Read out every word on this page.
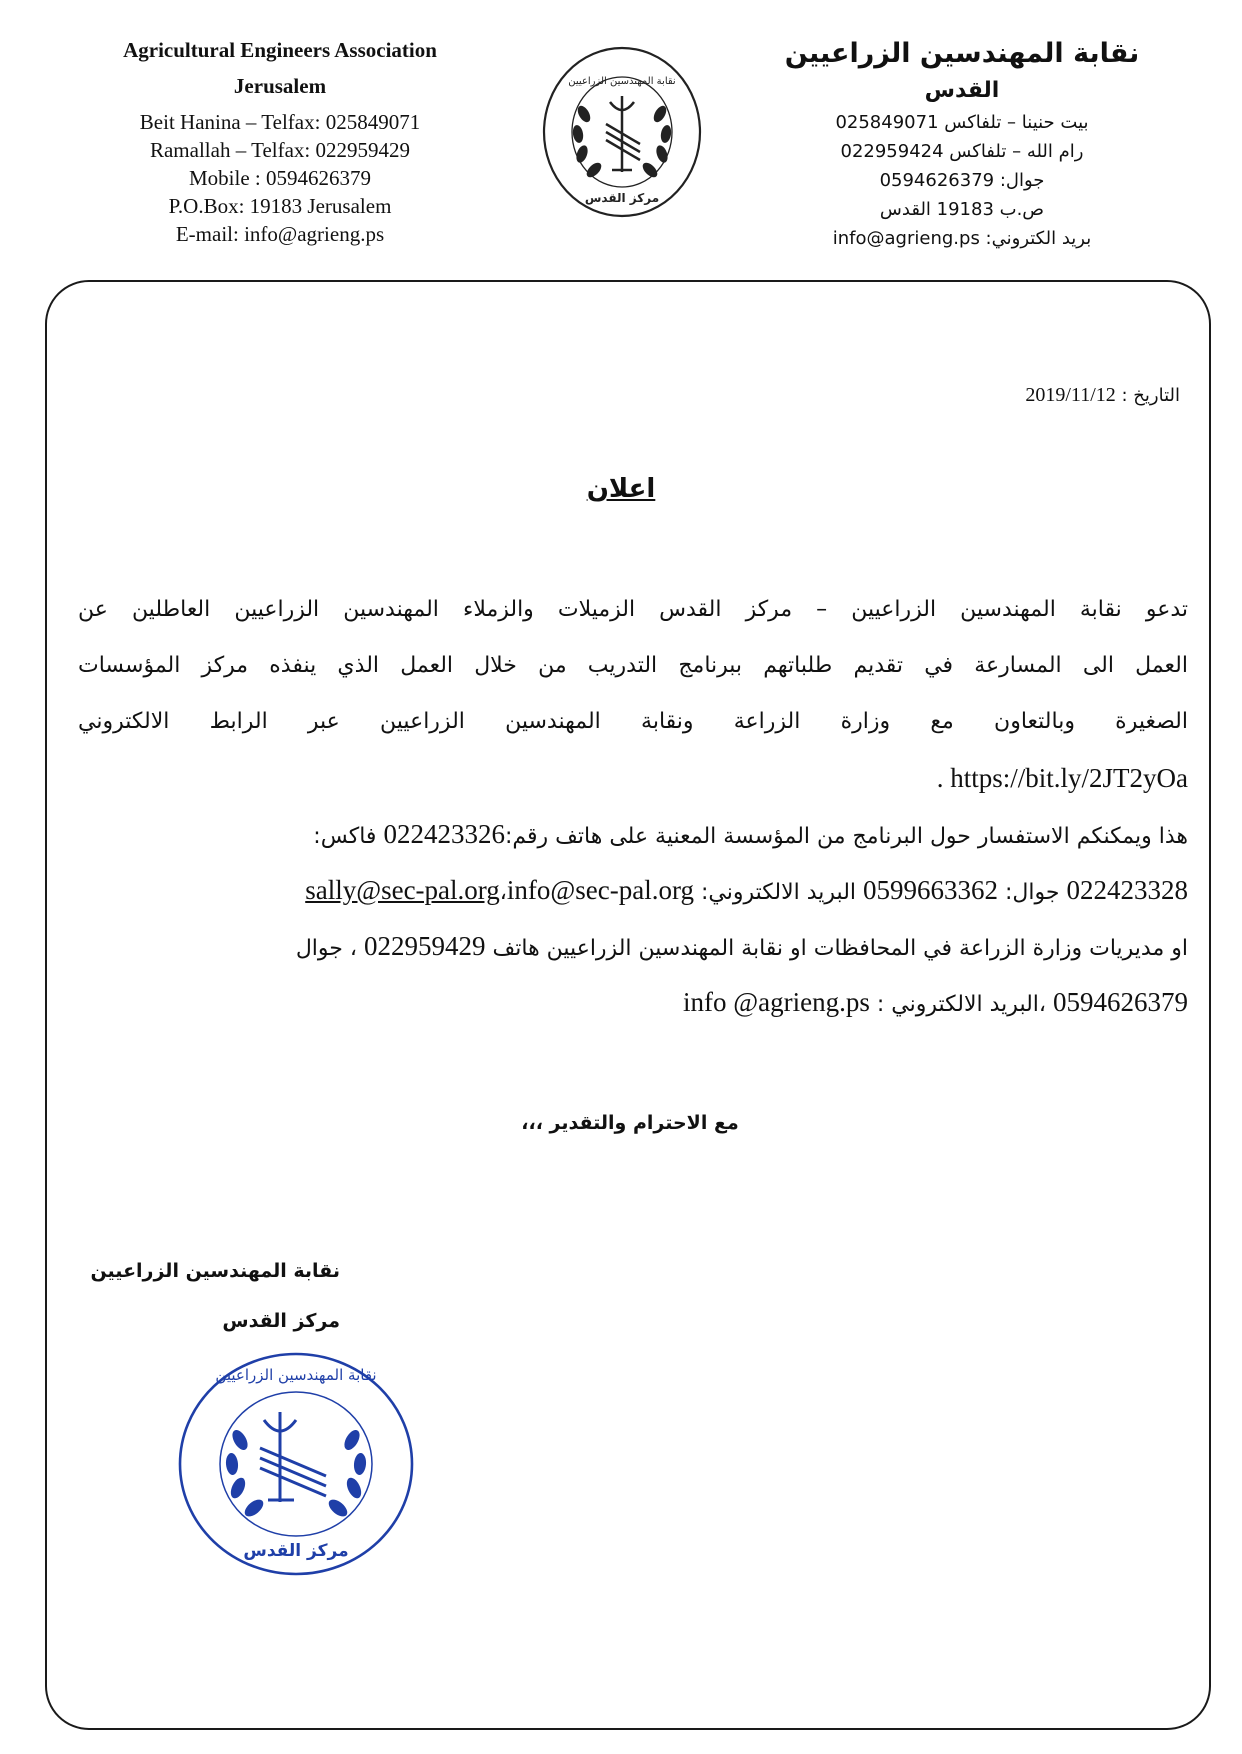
Agricultural Engineers Association
Jerusalem
Beit Hanina – Telfax: 025849071
Ramallah – Telfax: 022959429
Mobile : 0594626379
P.O.Box: 19183 Jerusalem
E-mail: info@agrieng.ps
نقابة المهندسين الزراعيين
مركز القدس
نقابة المهندسين الزراعيين
القدس
بيت حنينا – تلفاكس 025849071
رام الله – تلفاكس 022959424
جوال: 0594626379
ص.ب 19183 القدس
بريد الكتروني: info@agrieng.ps
التاريخ : 2019/11/12
اعلان
تدعو نقابة المهندسين الزراعيين – مركز القدس الزميلات والزملاء المهندسين الزراعيين العاطلين عن
العمل الى المسارعة في تقديم طلباتهم ببرنامج التدريب من خلال العمل الذي ينفذه مركز المؤسسات
الصغيرة وبالتعاون مع وزارة الزراعة ونقابة المهندسين الزراعيين عبر الرابط الالكتروني
. https://bit.ly/2JT2yOa
هذا ويمكنكم الاستفسار حول البرنامج من المؤسسة المعنية على هاتف رقم:022423326 فاكس:
022423328 جوال: 0599663362 البريد الالكتروني: sally@sec-pal.org،info@sec-pal.org
او مديريات وزارة الزراعة في المحافظات او نقابة المهندسين الزراعيين هاتف 022959429 ، جوال
0594626379 ،البريد الالكتروني : info @agrieng.ps
مع الاحترام والتقدير ،،،
نقابة المهندسين الزراعيين
مركز القدس
نقابة المهندسين الزراعيين
مركز القدس
